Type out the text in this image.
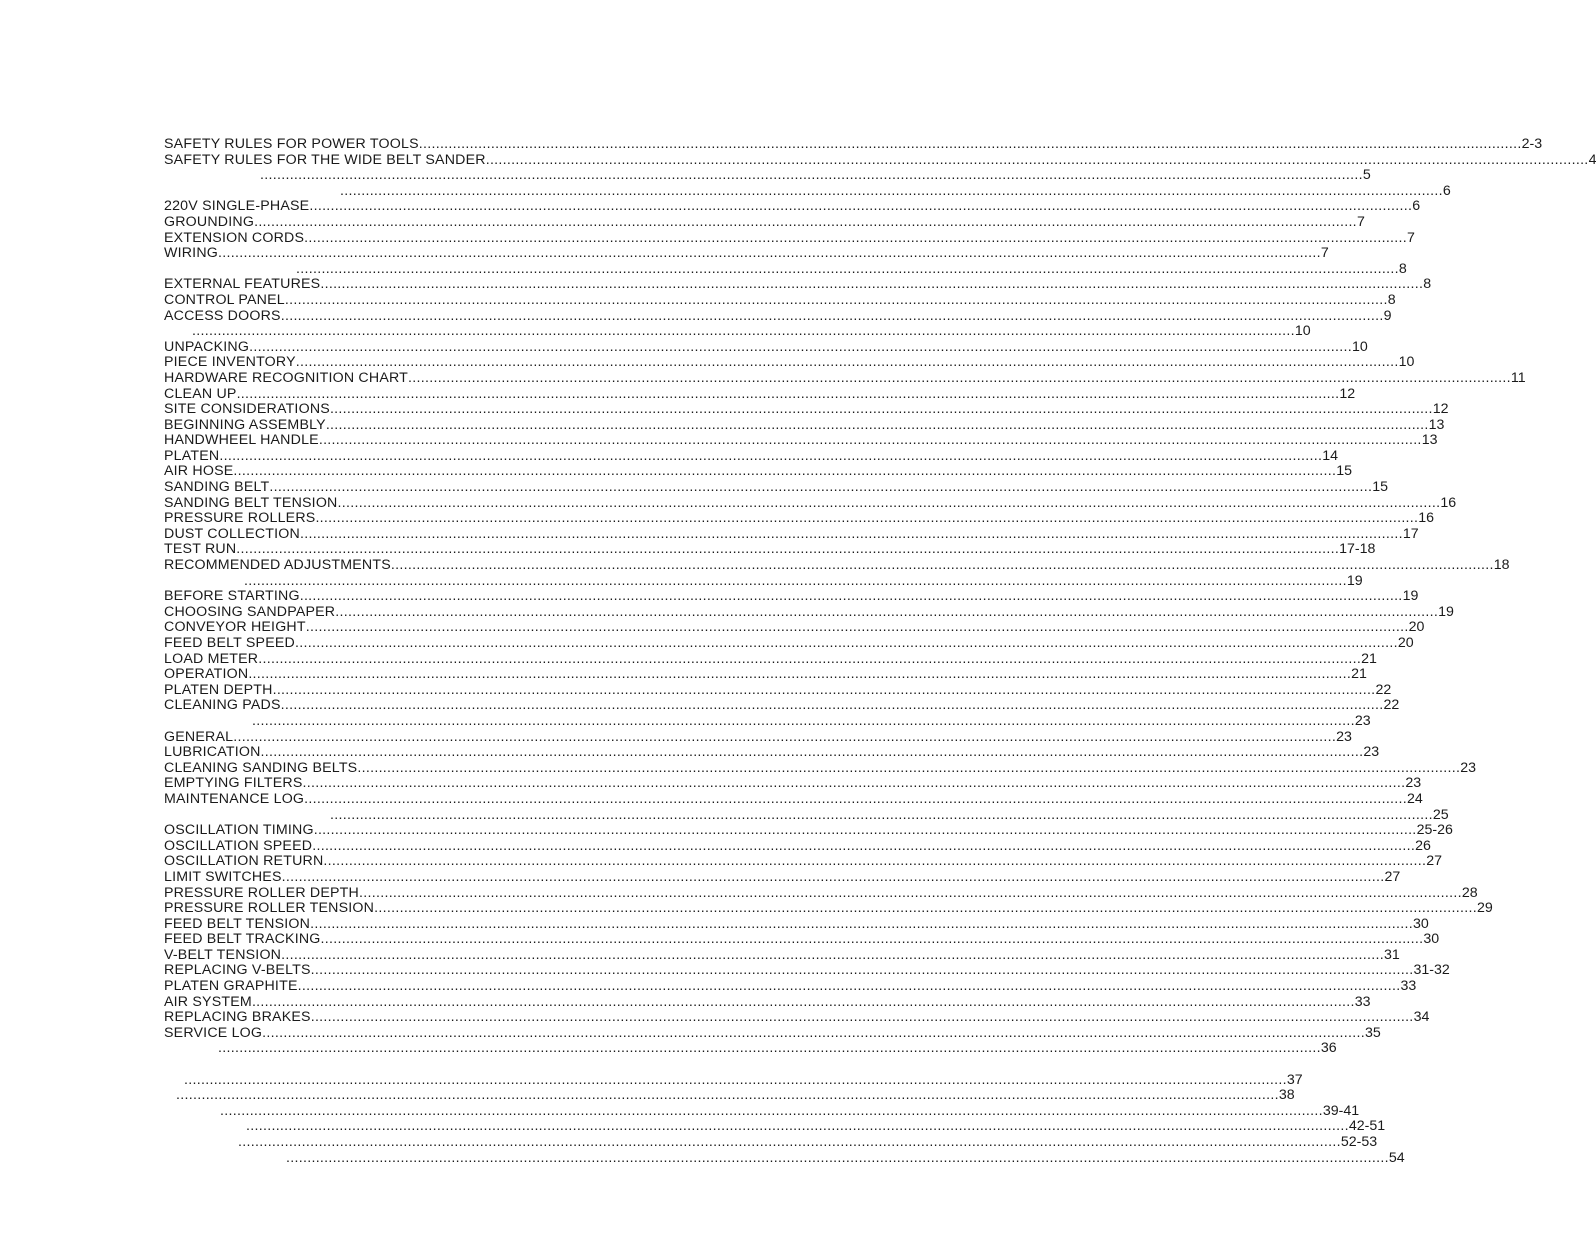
SAFETY RULES FOR POWER TOOLS .................................................................................................................................................................................................................................................................... 2-3
SAFETY RULES FOR THE WIDE BELT SANDER .................................................................................................................................................................................................................................................................... 4
.................................................................................................................................................................................................................................................................... 5
.................................................................................................................................................................................................................................................................... 6
220V SINGLE-PHASE .................................................................................................................................................................................................................................................................... 6
GROUNDING .................................................................................................................................................................................................................................................................... 7
EXTENSION CORDS .................................................................................................................................................................................................................................................................... 7
WIRING .................................................................................................................................................................................................................................................................... 7
.................................................................................................................................................................................................................................................................... 8
EXTERNAL FEATURES .................................................................................................................................................................................................................................................................... 8
CONTROL PANEL .................................................................................................................................................................................................................................................................... 8
ACCESS DOORS .................................................................................................................................................................................................................................................................... 9
.................................................................................................................................................................................................................................................................... 10
UNPACKING .................................................................................................................................................................................................................................................................... 10
PIECE INVENTORY .................................................................................................................................................................................................................................................................... 10
HARDWARE RECOGNITION CHART .................................................................................................................................................................................................................................................................... 11
CLEAN UP .................................................................................................................................................................................................................................................................... 12
SITE CONSIDERATIONS .................................................................................................................................................................................................................................................................... 12
BEGINNING ASSEMBLY .................................................................................................................................................................................................................................................................... 13
HANDWHEEL HANDLE .................................................................................................................................................................................................................................................................... 13
PLATEN .................................................................................................................................................................................................................................................................... 14
AIR HOSE .................................................................................................................................................................................................................................................................... 15
SANDING BELT .................................................................................................................................................................................................................................................................... 15
SANDING BELT TENSION .................................................................................................................................................................................................................................................................... 16
PRESSURE ROLLERS .................................................................................................................................................................................................................................................................... 16
DUST COLLECTION .................................................................................................................................................................................................................................................................... 17
TEST RUN .................................................................................................................................................................................................................................................................... 17-18
RECOMMENDED ADJUSTMENTS .................................................................................................................................................................................................................................................................... 18
.................................................................................................................................................................................................................................................................... 19
BEFORE STARTING .................................................................................................................................................................................................................................................................... 19
CHOOSING SANDPAPER .................................................................................................................................................................................................................................................................... 19
CONVEYOR HEIGHT .................................................................................................................................................................................................................................................................... 20
FEED BELT SPEED .................................................................................................................................................................................................................................................................... 20
LOAD METER .................................................................................................................................................................................................................................................................... 21
OPERATION .................................................................................................................................................................................................................................................................... 21
PLATEN DEPTH .................................................................................................................................................................................................................................................................... 22
CLEANING PADS .................................................................................................................................................................................................................................................................... 22
.................................................................................................................................................................................................................................................................... 23
GENERAL .................................................................................................................................................................................................................................................................... 23
LUBRICATION .................................................................................................................................................................................................................................................................... 23
CLEANING SANDING BELTS .................................................................................................................................................................................................................................................................... 23
EMPTYING FILTERS .................................................................................................................................................................................................................................................................... 23
MAINTENANCE LOG .................................................................................................................................................................................................................................................................... 24
.................................................................................................................................................................................................................................................................... 25
OSCILLATION TIMING .................................................................................................................................................................................................................................................................... 25-26
OSCILLATION SPEED .................................................................................................................................................................................................................................................................... 26
OSCILLATION RETURN .................................................................................................................................................................................................................................................................... 27
LIMIT SWITCHES .................................................................................................................................................................................................................................................................... 27
PRESSURE ROLLER DEPTH .................................................................................................................................................................................................................................................................... 28
PRESSURE ROLLER TENSION .................................................................................................................................................................................................................................................................... 29
FEED BELT TENSION .................................................................................................................................................................................................................................................................... 30
FEED BELT TRACKING .................................................................................................................................................................................................................................................................... 30
V-BELT TENSION .................................................................................................................................................................................................................................................................... 31
REPLACING V-BELTS .................................................................................................................................................................................................................................................................... 31-32
PLATEN GRAPHITE .................................................................................................................................................................................................................................................................... 33
AIR SYSTEM .................................................................................................................................................................................................................................................................... 33
REPLACING BRAKES .................................................................................................................................................................................................................................................................... 34
SERVICE LOG .................................................................................................................................................................................................................................................................... 35
.................................................................................................................................................................................................................................................................... 36
.................................................................................................................................................................................................................................................................... 37
.................................................................................................................................................................................................................................................................... 38
.................................................................................................................................................................................................................................................................... 39-41
.................................................................................................................................................................................................................................................................... 42-51
.................................................................................................................................................................................................................................................................... 52-53
.................................................................................................................................................................................................................................................................... 54
